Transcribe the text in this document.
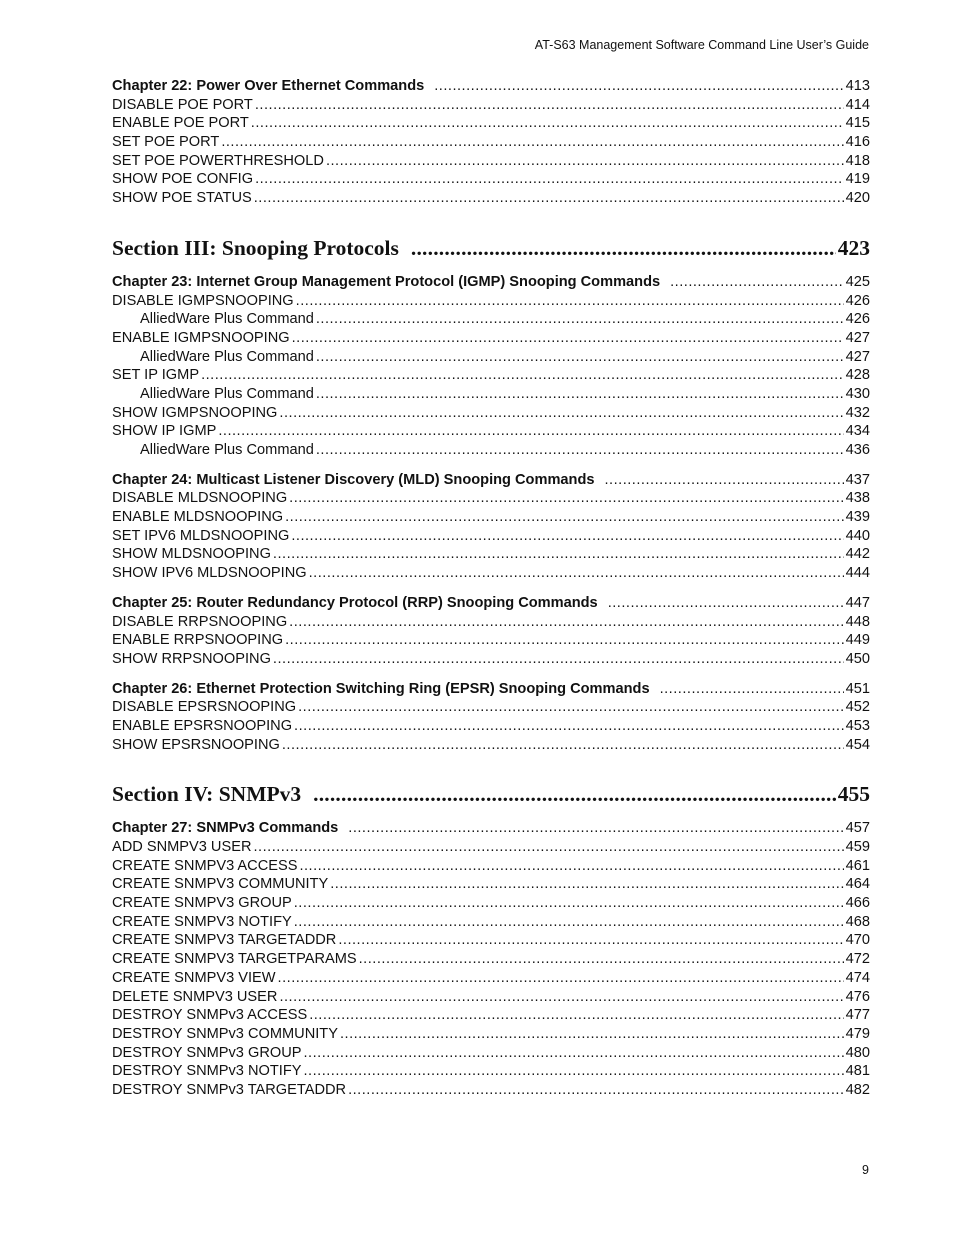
AT-S63 Management Software Command Line User’s Guide
Chapter 22: Power Over Ethernet Commands .....	413
DISABLE POE PORT .....	414
ENABLE POE PORT .....	415
SET POE PORT .....	416
SET POE POWERTHRESHOLD .....	418
SHOW POE CONFIG .....	419
SHOW POE STATUS .....	420
Section III: Snooping Protocols .....	423
Chapter 23: Internet Group Management Protocol (IGMP) Snooping Commands .....	425
DISABLE IGMPSNOOPING .....	426
AlliedWare Plus Command .....	426
ENABLE IGMPSNOOPING .....	427
AlliedWare Plus Command .....	427
SET IP IGMP .....	428
AlliedWare Plus Command .....	430
SHOW IGMPSNOOPING .....	432
SHOW IP IGMP .....	434
AlliedWare Plus Command .....	436
Chapter 24: Multicast Listener Discovery (MLD) Snooping Commands .....	437
DISABLE MLDSNOOPING .....	438
ENABLE MLDSNOOPING .....	439
SET IPV6 MLDSNOOPING .....	440
SHOW MLDSNOOPING .....	442
SHOW IPV6 MLDSNOOPING .....	444
Chapter 25: Router Redundancy Protocol (RRP) Snooping Commands .....	447
DISABLE RRPSNOOPING .....	448
ENABLE RRPSNOOPING .....	449
SHOW RRPSNOOPING .....	450
Chapter 26: Ethernet Protection Switching Ring (EPSR) Snooping Commands .....	451
DISABLE EPSRSNOOPING .....	452
ENABLE EPSRSNOOPING .....	453
SHOW EPSRSNOOPING .....	454
Section IV: SNMPv3 .....	455
Chapter 27: SNMPv3 Commands .....	457
ADD SNMPV3 USER .....	459
CREATE SNMPV3 ACCESS .....	461
CREATE SNMPV3 COMMUNITY .....	464
CREATE SNMPV3 GROUP .....	466
CREATE SNMPV3 NOTIFY .....	468
CREATE SNMPV3 TARGETADDR .....	470
CREATE SNMPV3 TARGETPARAMS .....	472
CREATE SNMPV3 VIEW .....	474
DELETE SNMPV3 USER .....	476
DESTROY SNMPv3 ACCESS .....	477
DESTROY SNMPv3 COMMUNITY .....	479
DESTROY SNMPv3 GROUP .....	480
DESTROY SNMPv3 NOTIFY .....	481
DESTROY SNMPv3 TARGETADDR .....	482
9
